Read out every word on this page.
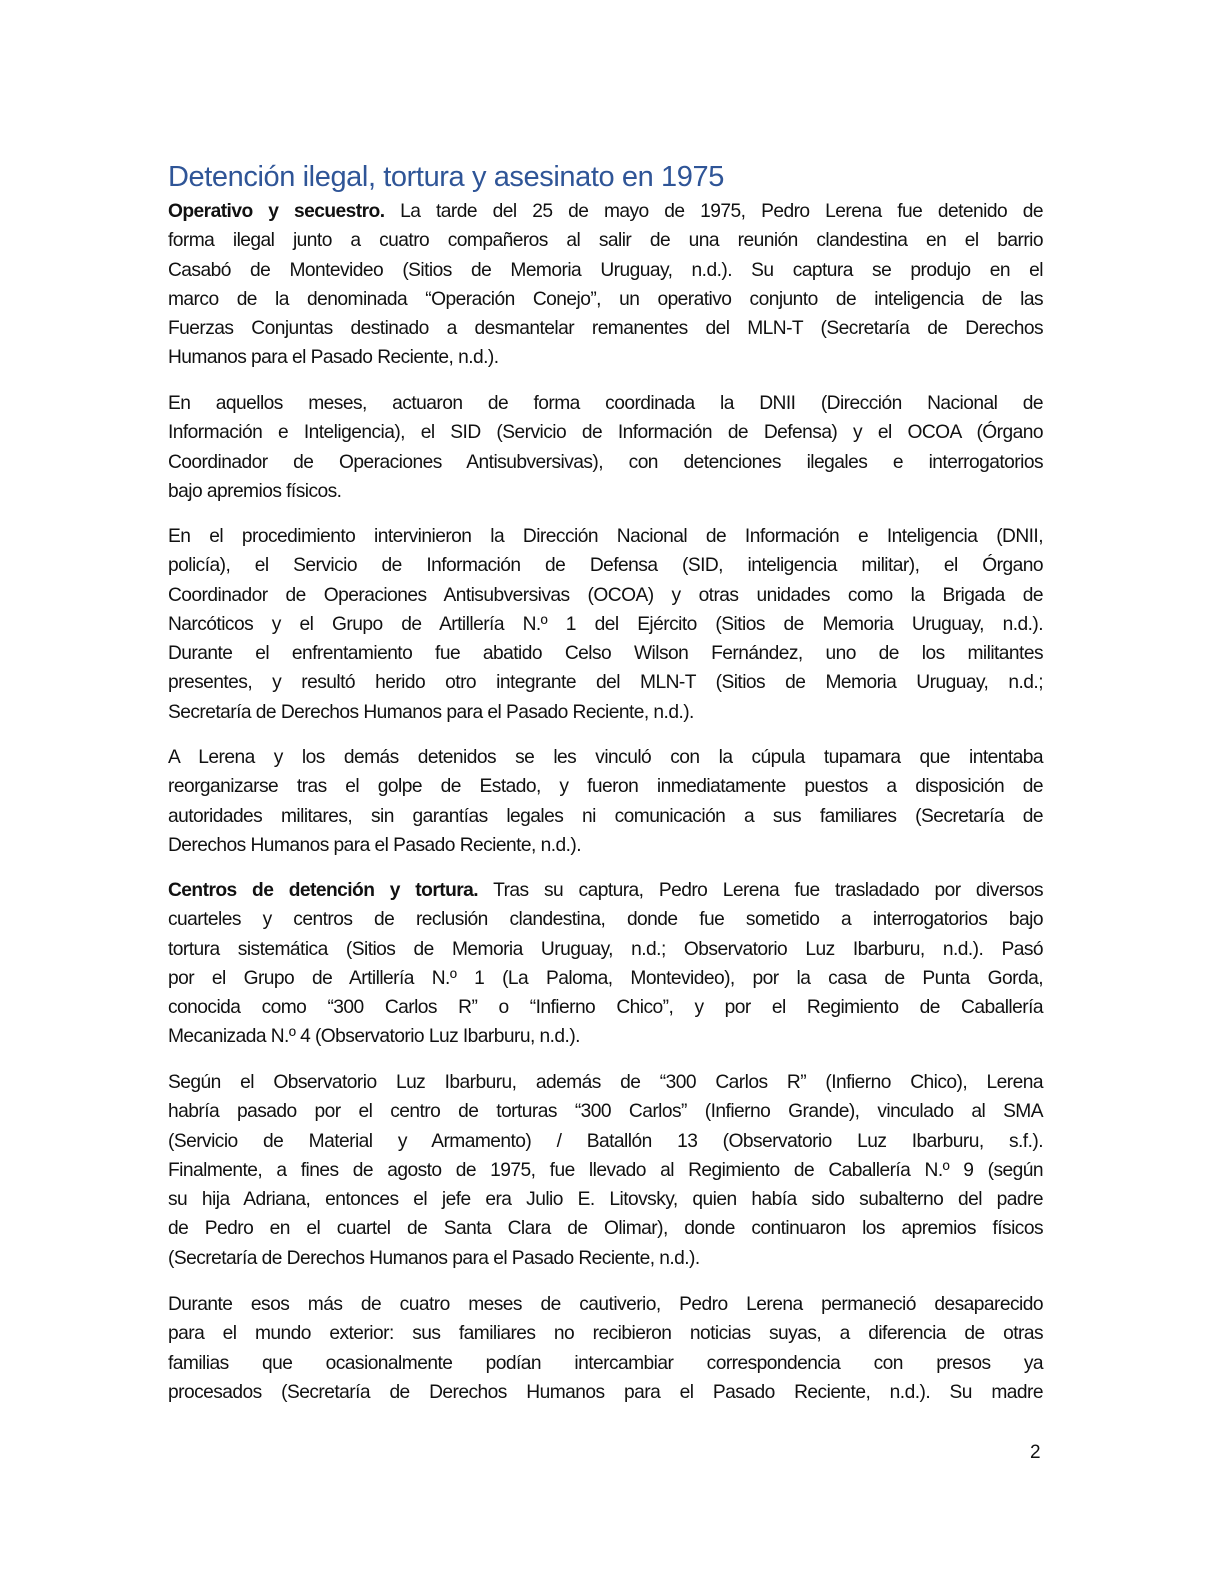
Detención ilegal, tortura y asesinato en 1975
Operativo y secuestro. La tarde del 25 de mayo de 1975, Pedro Lerena fue detenido de
forma ilegal junto a cuatro compañeros al salir de una reunión clandestina en el barrio
Casabó de Montevideo (Sitios de Memoria Uruguay, n.d.). Su captura se produjo en el
marco de la denominada “Operación Conejo”, un operativo conjunto de inteligencia de las
Fuerzas Conjuntas destinado a desmantelar remanentes del MLN-T (Secretaría de Derechos
Humanos para el Pasado Reciente, n.d.).
En aquellos meses, actuaron de forma coordinada la DNII (Dirección Nacional de
Información e Inteligencia), el SID (Servicio de Información de Defensa) y el OCOA (Órgano
Coordinador de Operaciones Antisubversivas), con detenciones ilegales e interrogatorios
bajo apremios físicos.
En el procedimiento intervinieron la Dirección Nacional de Información e Inteligencia (DNII,
policía), el Servicio de Información de Defensa (SID, inteligencia militar), el Órgano
Coordinador de Operaciones Antisubversivas (OCOA) y otras unidades como la Brigada de
Narcóticos y el Grupo de Artillería N.º 1 del Ejército (Sitios de Memoria Uruguay, n.d.).
Durante el enfrentamiento fue abatido Celso Wilson Fernández, uno de los militantes
presentes, y resultó herido otro integrante del MLN-T (Sitios de Memoria Uruguay, n.d.;
Secretaría de Derechos Humanos para el Pasado Reciente, n.d.).
A Lerena y los demás detenidos se les vinculó con la cúpula tupamara que intentaba
reorganizarse tras el golpe de Estado, y fueron inmediatamente puestos a disposición de
autoridades militares, sin garantías legales ni comunicación a sus familiares (Secretaría de
Derechos Humanos para el Pasado Reciente, n.d.).
Centros de detención y tortura. Tras su captura, Pedro Lerena fue trasladado por diversos
cuarteles y centros de reclusión clandestina, donde fue sometido a interrogatorios bajo
tortura sistemática (Sitios de Memoria Uruguay, n.d.; Observatorio Luz Ibarburu, n.d.). Pasó
por el Grupo de Artillería N.º 1 (La Paloma, Montevideo), por la casa de Punta Gorda,
conocida como “300 Carlos R” o “Infierno Chico”, y por el Regimiento de Caballería
Mecanizada N.º 4 (Observatorio Luz Ibarburu, n.d.).
Según el Observatorio Luz Ibarburu, además de “300 Carlos R” (Infierno Chico), Lerena
habría pasado por el centro de torturas “300 Carlos” (Infierno Grande), vinculado al SMA
(Servicio de Material y Armamento) / Batallón 13 (Observatorio Luz Ibarburu, s.f.).
Finalmente, a fines de agosto de 1975, fue llevado al Regimiento de Caballería N.º 9 (según
su hija Adriana, entonces el jefe era Julio E. Litovsky, quien había sido subalterno del padre
de Pedro en el cuartel de Santa Clara de Olimar), donde continuaron los apremios físicos
(Secretaría de Derechos Humanos para el Pasado Reciente, n.d.).
Durante esos más de cuatro meses de cautiverio, Pedro Lerena permaneció desaparecido
para el mundo exterior: sus familiares no recibieron noticias suyas, a diferencia de otras
familias que ocasionalmente podían intercambiar correspondencia con presos ya
procesados (Secretaría de Derechos Humanos para el Pasado Reciente, n.d.). Su madre
2
